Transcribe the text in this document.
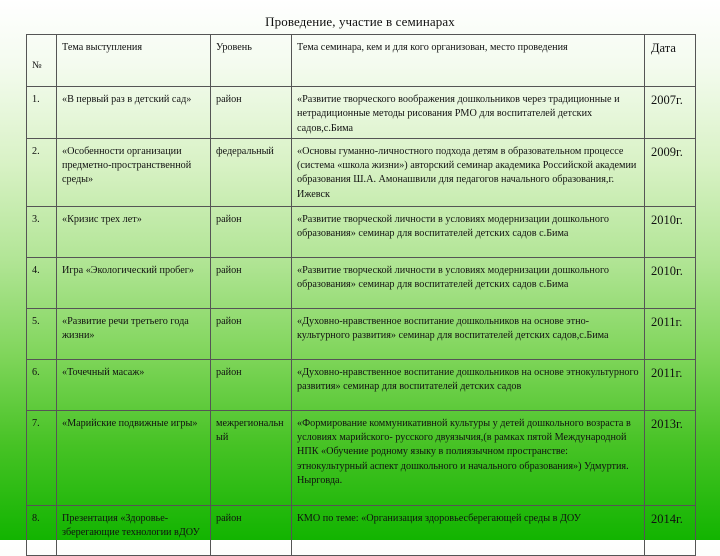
Проведение, участие в семинарах
№	Тема выступления	Уровень	Тема семинара, кем и для кого организован, место проведения	Дата
1.	«В первый раз в детский сад»	район	«Развитие творческого воображения дошкольников через традиционные и нетрадиционные методы рисования РМО для воспитателей детских садов,с.Бима	2007г.
2.	«Особенности организации предметно-пространственной среды»	федеральный	«Основы гуманно-личностного подхода детям в образовательном процессе (система «школа жизни») авторский семинар академика Российской академии образования Ш.А. Амонашвили для педагогов начального образования,г. Ижевск	2009г.
3.	«Кризис трех лет»	район	«Развитие творческой личности в условиях модернизации дошкольного образования» семинар для воспитателей детских садов с.Бима	2010г.
4.	Игра «Экологический пробег»	район	«Развитие творческой личности в условиях модернизации дошкольного образования» семинар для воспитателей детских садов с.Бима	2010г.
5.	«Развитие речи третьего года жизни»	район	«Духовно-нравственное воспитание дошкольников на основе этно-культурного развития» семинар для воспитателей детских садов,с.Бима	2011г.
6.	«Точечный масаж»	район	«Духовно-нравственное воспитание дошкольников на основе этнокультурного развития» семинар для воспитателей детских садов	2011г.
7.	«Марийские подвижные игры»	межрегиональный	«Формирование коммуникативной культуры у детей дошкольного возраста в условиях марийского- русского двуязычия,(в рамках пятой Международной НПК «Обучение родному языку в полиязычном пространстве: этнокультурный аспект дошкольного и начального образования») Удмуртия. Нырговда.	2013г.
8.	Презентация «Здоровье-зберегающие технологии вДОУ	район	КМО по теме: «Организация здоровьесберегающей среды в ДОУ	2014г.
